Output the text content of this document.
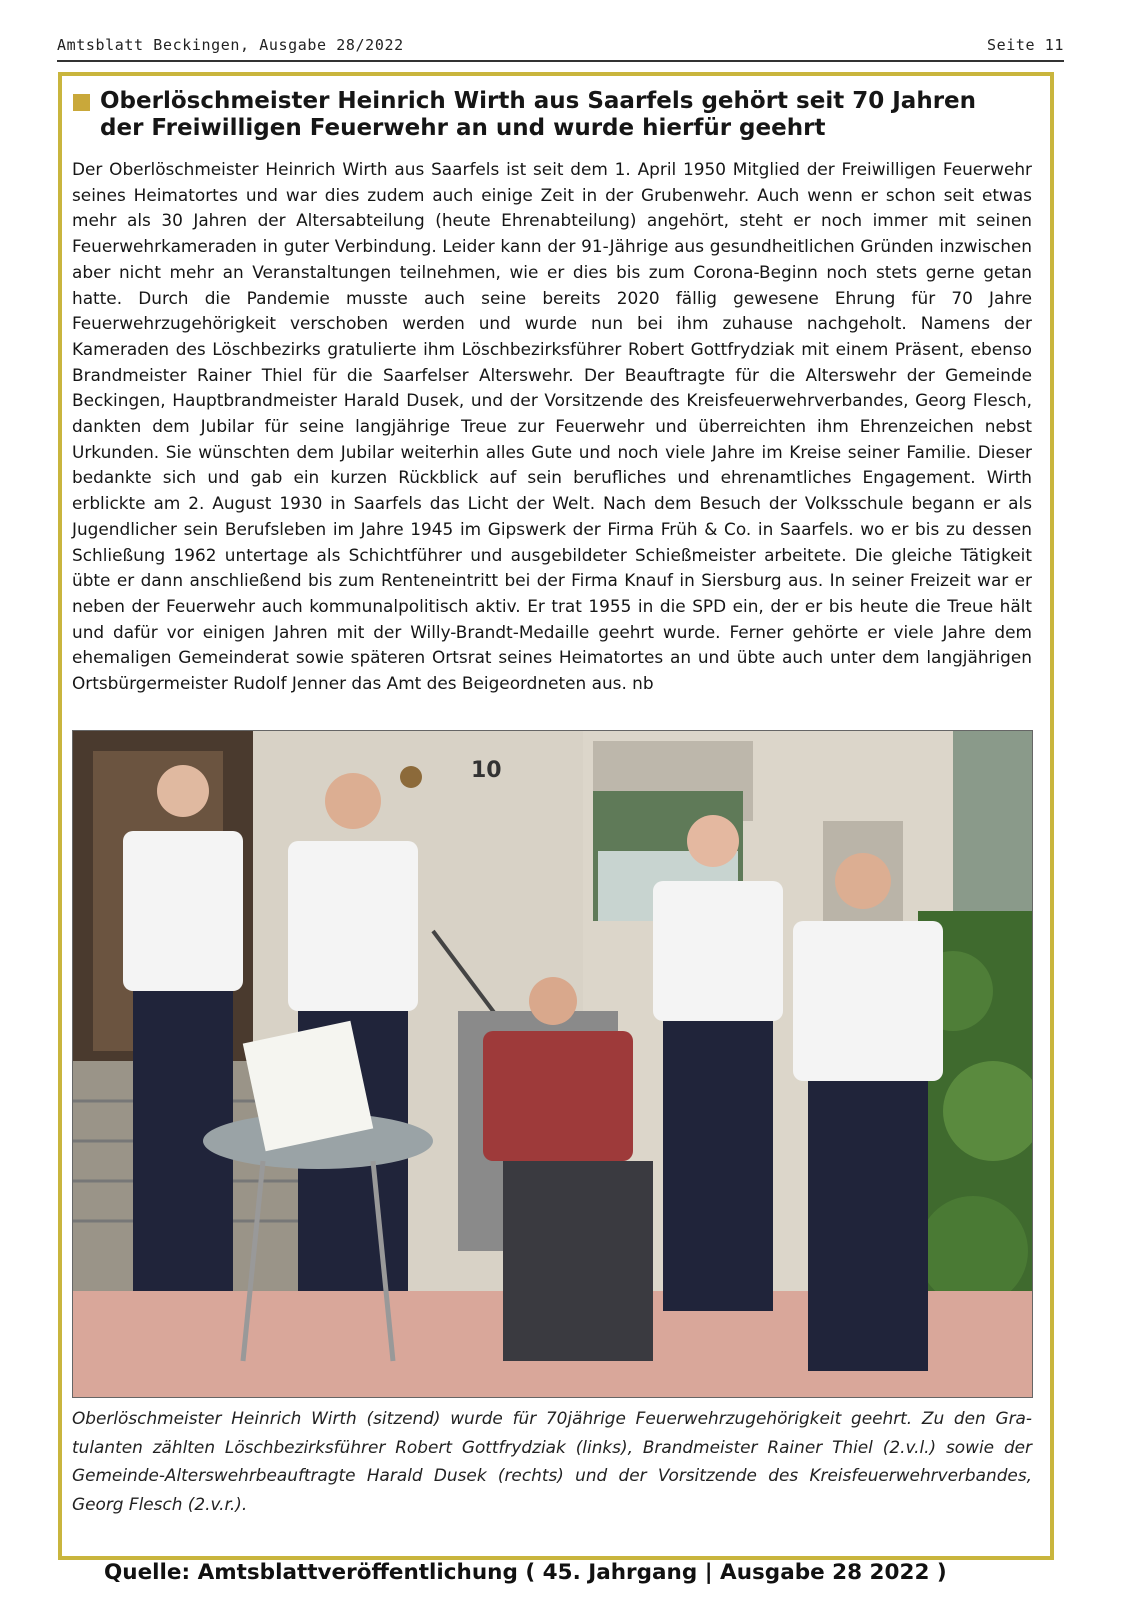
Amtsblatt Beckingen, Ausgabe 28/2022	Seite 11
Oberlöschmeister Heinrich Wirth aus Saarfels gehört seit 70 Jahren
der Freiwilligen Feuerwehr an und wurde hierfür geehrt

Der Oberlöschmeister Heinrich Wirth aus Saarfels ist seit dem 1. April 1950 Mitglied der Freiwilligen Feuerwehr seines Heimatortes und war dies zudem auch einige Zeit in der Grubenwehr. Auch wenn er schon seit etwas mehr als 30 Jahren der Altersabteilung (heute Ehrenabteilung) angehört, steht er noch immer mit seinen Feuerwehrkameraden in guter Verbindung. Leider kann der 91-Jährige aus gesundheitlichen Gründen inzwischen aber nicht mehr an Veranstaltungen teilnehmen, wie er dies bis zum Corona-Beginn noch stets gerne getan hatte. Durch die Pandemie musste auch seine bereits 2020 fällig gewesene Ehrung für 70 Jahre Feuerwehrzugehörigkeit verschoben werden und wurde nun bei ihm zuhause nachgeholt. Namens der Kameraden des Löschbezirks gratulierte ihm Löschbezirksführer Robert Gottfrydziak mit einem Präsent, ebenso Brandmeister Rainer Thiel für die Saarfelser Alterswehr. Der Beauftragte für die Alterswehr der Gemeinde Beckingen, Hauptbrandmeister Harald Dusek, und der Vorsitzende des Kreisfeuerwehrverbandes, Georg Flesch, dankten dem Jubilar für seine langjährige Treue zur Feuerwehr und überreichten ihm Ehrenzeichen nebst Urkunden. Sie wünschten dem Jubilar weiterhin alles Gute und noch viele Jahre im Kreise seiner Familie. Dieser bedankte sich und gab ein kurzen Rückblick auf sein berufliches und ehrenamtliches Engagement. Wirth erblickte am 2. August 1930 in Saarfels das Licht der Welt. Nach dem Besuch der Volksschule begann er als Jugendlicher sein Berufsleben im Jahre 1945 im Gipswerk der Firma Früh & Co. in Saarfels. wo er bis zu dessen Schließung 1962 untertage als Schichtführer und ausgebildeter Schießmeister arbeitete. Die gleiche Tätigkeit übte er dann anschließend bis zum Renteneintritt bei der Firma Knauf in Siersburg aus. In seiner Freizeit war er neben der Feuerwehr auch kommunalpolitisch aktiv. Er trat 1955 in die SPD ein, der er bis heute die Treue hält und dafür vor einigen Jahren mit der Willy-Brandt-Medaille geehrt wurde. Ferner gehörte er viele Jahre dem ehemaligen Gemeinderat sowie späteren Ortsrat seines Heimatortes an und übte auch unter dem langjährigen Ortsbürgermeister Rudolf Jenner das Amt des Beigeordneten aus. nb

10

Oberlöschmeister Heinrich Wirth (sitzend) wurde für 70jährige Feuerwehrzugehörigkeit geehrt. Zu den Gratulanten zählten Löschbezirksführer Robert Gottfrydziak (links), Brandmeister Rainer Thiel (2.v.l.) sowie der Gemeinde-Alterswehrbeauftragte Harald Dusek (rechts) und der Vorsitzende des Kreisfeuerwehrverbandes, Georg Flesch (2.v.r.).

Quelle: Amtsblattveröffentlichung ( 45. Jahrgang | Ausgabe 28 2022 )
